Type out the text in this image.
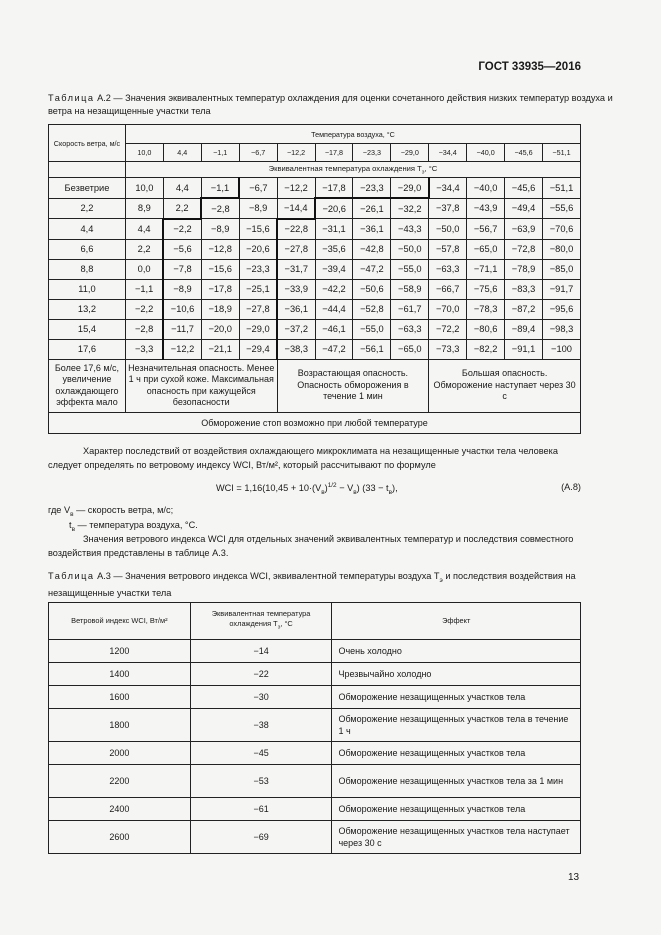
ГОСТ 33935—2016
Таблица А.2 — Значения эквивалентных температур охлаждения для оценки сочетанного действия низких температур воздуха и ветра на незащищенные участки тела
Скорость ветра, м/с	Температура воздуха, °С											
	10,0	4,4	−1,1	−6,7	−12,2	−17,8	−23,3	−29,0	−34,4	−40,0	−45,6	−51,1
	Эквивалентная температура охлаждения $T_э$, °С											
Безветрие	10,0	4,4	−1,1	−6,7	−12,2	−17,8	−23,3	−29,0	−34,4	−40,0	−45,6	−51,1
2,2	8,9	2,2	−2,8	−8,9	−14,4	−20,6	−26,1	−32,2	−37,8	−43,9	−49,4	−55,6
4,4	4,4	−2,2	−8,9	−15,6	−22,8	−31,1	−36,1	−43,3	−50,0	−56,7	−63,9	−70,6
6,6	2,2	−5,6	−12,8	−20,6	−27,8	−35,6	−42,8	−50,0	−57,8	−65,0	−72,8	−80,0
8,8	0,0	−7,8	−15,6	−23,3	−31,7	−39,4	−47,2	−55,0	−63,3	−71,1	−78,9	−85,0
11,0	−1,1	−8,9	−17,8	−25,1	−33,9	−42,2	−50,6	−58,9	−66,7	−75,6	−83,3	−91,7
13,2	−2,2	−10,6	−18,9	−27,8	−36,1	−44,4	−52,8	−61,7	−70,0	−78,3	−87,2	−95,6
15,4	−2,8	−11,7	−20,0	−29,0	−37,2	−46,1	−55,0	−63,3	−72,2	−80,6	−89,4	−98,3
17,6	−3,3	−12,2	−21,1	−29,4	−38,3	−47,2	−56,1	−65,0	−73,3	−82,2	−91,1	−100
Более 17,6 м/с, увеличение охлаждающего эффекта мало	Незначительная опасность. Менее 1 ч при сухой коже. Максимальная опасность при кажущейся безопасности				Возрастающая опасность. Опасность обморожения в течение 1 мин				Большая опасность. Обморожение наступает через 30 с			
Обморожение стоп возможно при любой температуре												
Характер последствий от воздействия охлаждающего микроклимата на незащищенные участки тела человека следует определять по ветровому индексу WCI, Вт/м², который рассчитывают по формуле
WCI = $1,16(10,45 + 10\cdot(V_в)^{1/2} - V_в)$ $(33 - t_в)$,	(А.8)
где $V_в$ — скорость ветра, м/с;
$t_в$ — температура воздуха, °С.
Значения ветрового индекса WCI для отдельных значений эквивалентных температур и последствия совместного воздействия представлены в таблице А.3.
Таблица А.3 — Значения ветрового индекса WCI, эквивалентной температуры воздуха $T_э$ и последствия воздействия на незащищенные участки тела
Ветровой индекс WCI, Вт/м²	Эквивалентная температура охлаждения $T_э$, °С	Эффект
1200	−14	Очень холодно
1400	−22	Чрезвычайно холодно
1600	−30	Обморожение незащищенных участков тела
1800	−38	Обморожение незащищенных участков тела в течение 1 ч
2000	−45	Обморожение незащищенных участков тела
2200	−53	Обморожение незащищенных участков тела за 1 мин
2400	−61	Обморожение незащищенных участков тела
2600	−69	Обморожение незащищенных участков тела наступает через 30 с
13
